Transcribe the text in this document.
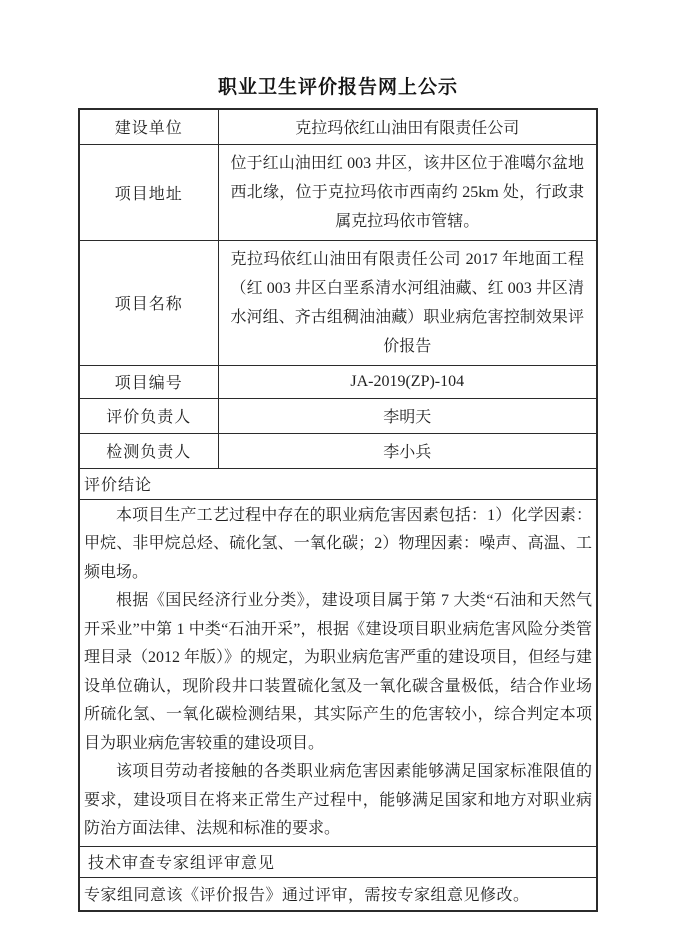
职业卫生评价报告网上公示
建设单位	克拉玛依红山油田有限责任公司
项目地址	位于红山油田红 003 井区，该井区位于准噶尔盆地西北缘，位于克拉玛依市西南约 25km 处，行政隶属克拉玛依市管辖。
项目名称	克拉玛依红山油田有限责任公司 2017 年地面工程（红 003 井区白垩系清水河组油藏、红 003 井区清水河组、齐古组稠油油藏）职业病危害控制效果评价报告
项目编号	JA-2019(ZP)-104
评价负责人	李明天
检测负责人	李小兵
评价结论	

本项目生产工艺过程中存在的职业病危害因素包括：1）化学因素：甲烷、非甲烷总烃、硫化氢、一氧化碳；2）物理因素：噪声、高温、工频电场。

根据《国民经济行业分类》，建设项目属于第 7 大类“石油和天然气开采业”中第 1 中类“石油开采”，根据《建设项目职业病危害风险分类管理目录（2012 年版）》的规定，为职业病危害严重的建设项目，但经与建设单位确认，现阶段井口装置硫化氢及一氧化碳含量极低，结合作业场所硫化氢、一氧化碳检测结果，其实际产生的危害较小，综合判定本项目为职业病危害较重的建设项目。

该项目劳动者接触的各类职业病危害因素能够满足国家标准限值的要求，建设项目在将来正常生产过程中，能够满足国家和地方对职业病防治方面法律、法规和标准的要求。	

技术审查专家组评审意见	
专家组同意该《评价报告》通过评审，需按专家组意见修改。	
